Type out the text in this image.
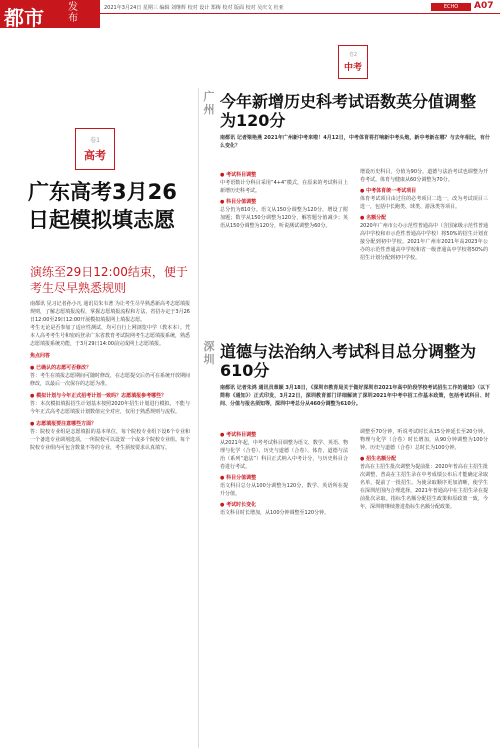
都市 发布
2021年3月24日 星期三 编辑 刘继辉 校对 设计 郑梅 校对 版面 校对 吴庆文 杜亚	ECHO	A07
卷1
高考
广东高考3月26日起模拟填志愿
演练至29日12:00结束，便于考生尽早熟悉规则

南都讯 见习记者孙小凡 通讯员朱韦著 为让考生尽早熟悉新高考志愿填报规则，了解志愿填报流程，掌握志愿填报流程和方法，省招办定于3月26日12:00至29日12:00开展模拟填报网上填报志愿。

考生无论是否参加了适应性测试，均可自行上网浏览中学（教本本）。凭本人高考考生号和密码登录广东省教育考试院网考生志愿填报系统，熟悉志愿填报系统功能，于3月29日14:00前完成网上志愿填报。

焦点问答
● 已确认的志愿可否修改？

答：考生在填报志愿期间可随时修改，在志愿提交后仍可在系统开放期间修改，以最后一次保存的志愿为准。

● 模拟计划与今年正式招考计划一致吗？志愿填报参考哪些？

答：本次模拟填报招生计划基本按照2020年招生计划进行模拟，不能与今年正式高考志愿填报计划数值完全对应，仅用于熟悉规则与流程。

● 志愿填报要注意哪些方面？

答：院校专业组是志愿填报的基本单位，每个院校专业组下设6个专业和一个备选专业调剂选项，一所院校可以设置一个或多个院校专业组。每个院校专业组内可包含数量不等的专业，考生须按要求认真填写。

卷2
中考
广州 今年新增历史科考试语数英分值调整为120分
南都讯 记者梁艳燕 2021年广州新中考来啦！4月12日，中考体育将打响新中考头炮，新中考新在哪？与去年相比，有什么变化？
● 考试科目调整

中考语数计分科目采用“4+4”模式，在原来的考试科目上新增历史科考试。

● 科目分值调整

总分仍为810分。语文从150分调整为120分，增设了附加题；数学从150分调整为120分，解答题分值减少；英语从150分调整为120分，听说测试调整为60分。

增设历史科目，分值为90分。道德与法治考试也调整为开卷考试。体育与健康从60分调整为70分。

● 中考体育统一考试项目

体育考试项目由过往的必考项目二选一，改为考试项目三选一，包括中长跑类、球类、游泳类等项目。

● 名额分配

2020年广州市公办示范性普通高中（含国家级示范性普通高中学校和市示范性普通高中学校）将50%的招生计划直接分配到初中学校。2021年广州市2021年高2023年公办的示范性普通高中学校和省一级普通高中学校将50%的招生计划分配到初中学校。

深圳 道德与法治纳入考试科目总分调整为610分
南都讯 记者朱鸿 通讯员章颖 3月18日，《深圳市教育局关于做好深圳市2021年高中阶段学校考试招生工作的通知》（以下简称《通知》）正式印发，3月22日，深圳教育部门详细解读了深圳2021年中考中招工作基本政策，包括考试科目、时间、分值与报名须知等，深圳中考总分从460分调整为610分。
● 考试科目调整

从2021年起，中考考试科目调整为语文、数学、英语、物理与化学（合卷）、历史与道德（合卷）、体育，道德与法治（系列“道法”）科目正式纳入中考计分，与历史科目合卷进行考试。

● 科目分值调整

语文科目总分从100分调整为120分，数学、英语所在提升分值。

● 考试时长变化

语文科目时长增加，从100分钟调整至120分钟。

调整至70分钟，听说考试时长从15分钟延长至20分钟。物理与化学（合卷）时长增加，从90分钟调整为100分钟。历史与道德（合卷）总时长为100分钟。

● 招生名额分配

普高在主招生批次调整为提前批：2020年普高在主招生批次调整，普高在主招生录在中考成绩公布后才能确定录取名单，提前了一批招生。为使录取顺序更加清晰，使学生在深圳范围内合理选择，2021年普通高中在主招生录在提前批次录取。指标生名额分配招生政策和原政策一致，今年，深圳将继续推进指标生名额分配政策。
